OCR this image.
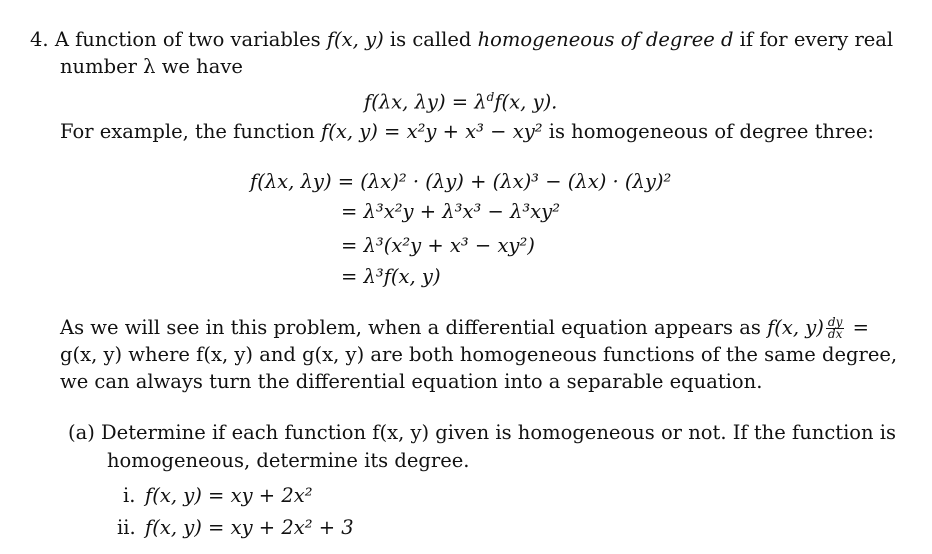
4. A function of two variables f(x, y) is called homogeneous of degree d if for every real
number λ we have
f(λx, $\lambda y) = \lambda^df(x$, y).
For example, the function f(x, y) = x²y + x³ − xy² is homogeneous of degree three:
f(λx, λy) = (λx)² · (λy) + (λx)³ − (λx) · (λy)²
= λ³x²y + λ³x³ − λ³xy²
= λ³(x²y + x³ − xy²)
= λ³f(x, y)
As we will see in this problem, when a differential equation appears as f(x, $y) \frac{dy}{dx}$ =
g(x, y) where f(x, y) and g(x, y) are both homogeneous functions of the same degree,
we can always turn the differential equation into a separable equation.
(a) Determine if each function f(x, y) given is homogeneous or not. If the function is
homogeneous, determine its degree.
i. f(x, y) = xy + 2x²
ii. f(x, y) = xy + 2x² + 3
